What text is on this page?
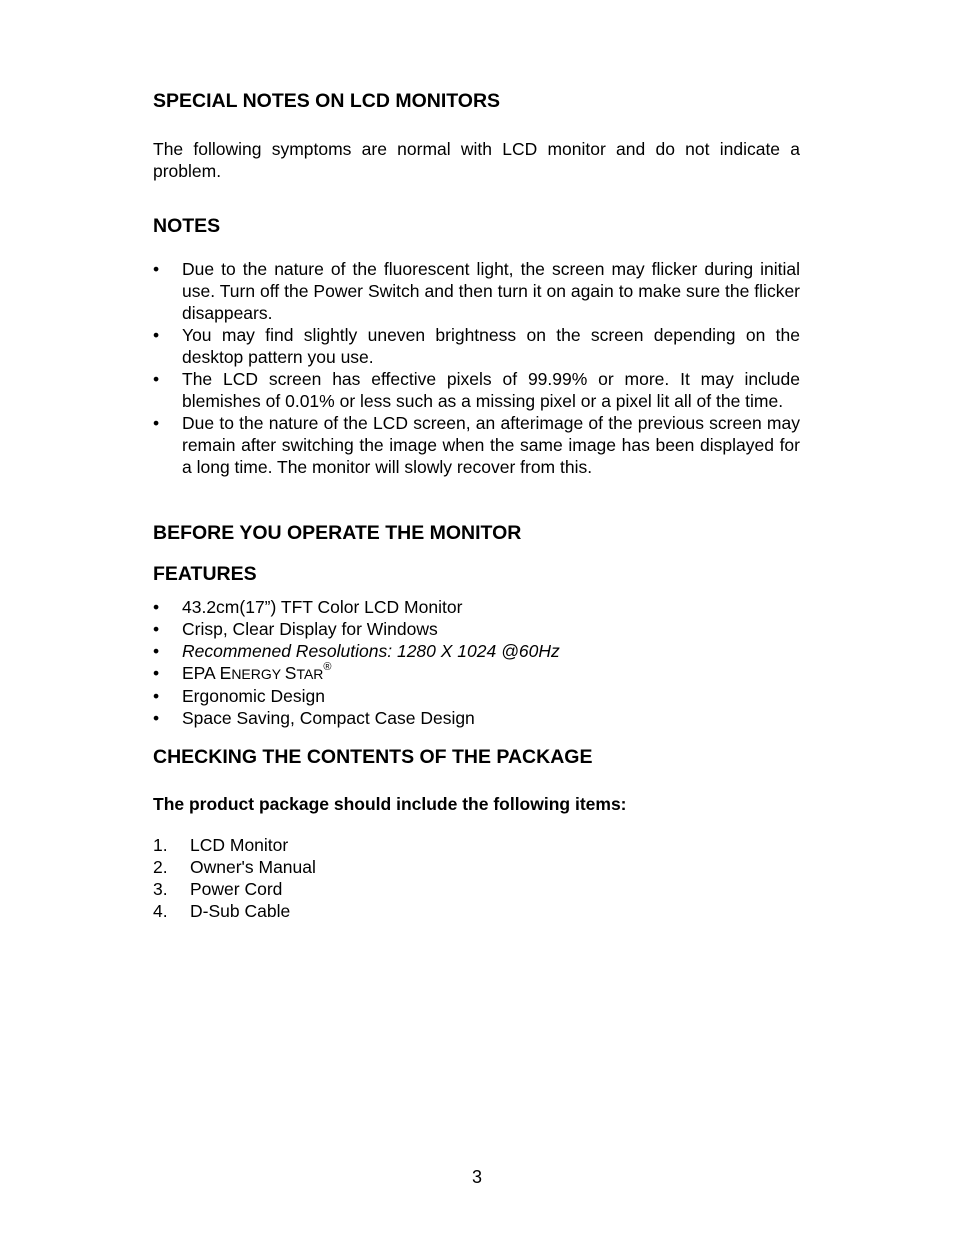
SPECIAL NOTES ON LCD MONITORS

The following symptoms are normal with LCD monitor and do not indicate a problem.

NOTES
• Due to the nature of the fluorescent light, the screen may flicker during initial use. Turn off the Power Switch and then turn it on again to make sure the flicker disappears.
• You may find slightly uneven brightness on the screen depending on the desktop pattern you use.
• The LCD screen has effective pixels of 99.99% or more. It may include blemishes of 0.01% or less such as a missing pixel or a pixel lit all of the time.
• Due to the nature of the LCD screen, an afterimage of the previous screen may remain after switching the image when the same image has been displayed for a long time. The monitor will slowly recover from this.
BEFORE YOU OPERATE THE MONITOR
FEATURES
• 43.2cm(17”) TFT Color LCD Monitor
• Crisp, Clear Display for Windows
• Recommened Resolutions: 1280 X 1024 @60Hz
• EPA ENERGY STAR®
• Ergonomic Design
• Space Saving, Compact Case Design
CHECKING THE CONTENTS OF THE PACKAGE

The product package should include the following items:

1. LCD Monitor
2. Owner's Manual
3. Power Cord
4. D-Sub Cable
3
